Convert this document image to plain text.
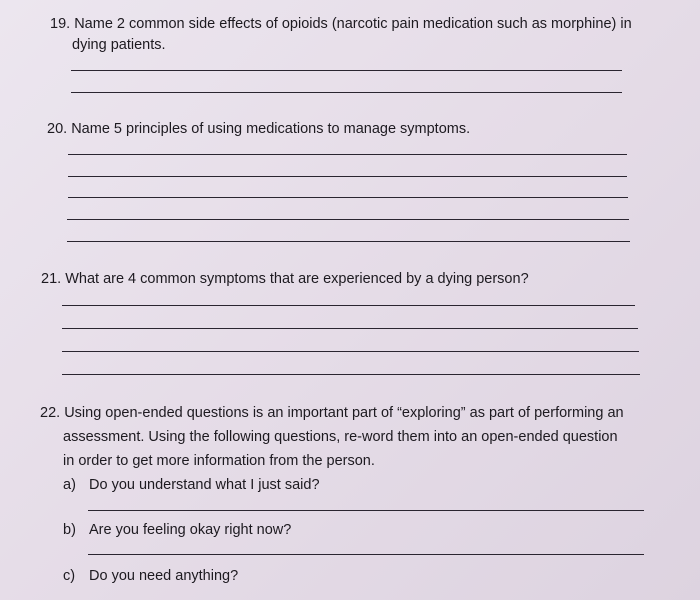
19. Name 2 common side effects of opioids (narcotic pain medication such as morphine) in
dying patients.
20. Name 5 principles of using medications to manage symptoms.
21. What are 4 common symptoms that are experienced by a dying person?
22. Using open-ended questions is an important part of “exploring” as part of performing an
assessment. Using the following questions, re-word them into an open-ended question
in order to get more information from the person.
a) Do you understand what I just said?
b) Are you feeling okay right now?
c) Do you need anything?
